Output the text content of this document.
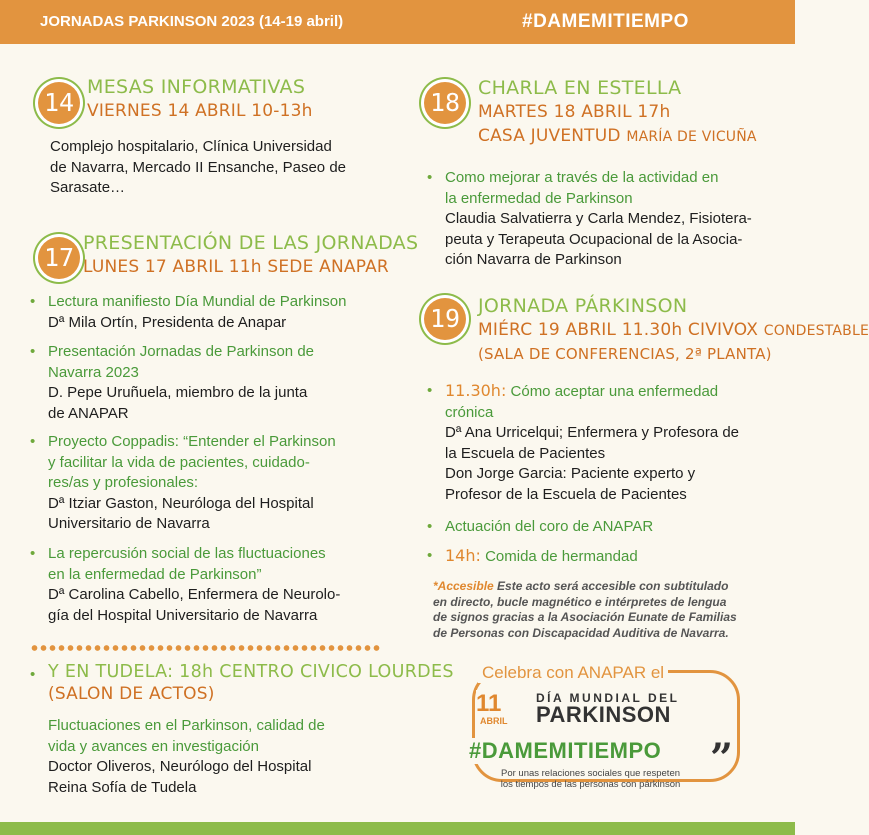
JORNADAS PARKINSON 2023 (14-19 abril)	#DAMEMITIEMPO
14
MESAS INFORMATIVAS
VIERNES 14 ABRIL 10-13h
Complejo hospitalario, Clínica Universidad
de Navarra, Mercado II Ensanche, Paseo de
Sarasate…
17 PRESENTACIÓN DE LAS JORNADAS
LUNES 17 ABRIL 11h SEDE ANAPAR
• Lectura manifiesto Día Mundial de Parkinson
Dª Mila Ortín, Presidenta de Anapar
• Presentación Jornadas de Parkinson de
Navarra 2023
D. Pepe Uruñuela, miembro de la junta
de ANAPAR
• Proyecto Coppadis: “Entender el Parkinson
y facilitar la vida de pacientes, cuidado-
res/as y profesionales:
Dª Itziar Gaston, Neuróloga del Hospital
Universitario de Navarra
• La repercusión social de las fluctuaciones
en la enfermedad de Parkinson”
Dª Carolina Cabello, Enfermera de Neurolo-
gía del Hospital Universitario de Navarra
• Y EN TUDELA: 18h CENTRO CIVICO LOURDES
(SALON DE ACTOS)
Fluctuaciones en el Parkinson, calidad de
vida y avances en investigación
Doctor Oliveros, Neurólogo del Hospital
Reina Sofía de Tudela
18 CHARLA EN ESTELLA
MARTES 18 ABRIL 17h
CASA JUVENTUD MARÍA DE VICUÑA
• Como mejorar a través de la actividad en
la enfermedad de Parkinson
Claudia Salvatierra y Carla Mendez, Fisiotera-
peuta y Terapeuta Ocupacional de la Asocia-
ción Navarra de Parkinson
19 JORNADA PÁRKINSON
MIÉRC 19 ABRIL 11.30h CIVIVOX CONDESTABLE
(SALA DE CONFERENCIAS, 2ª PLANTA)
• 11.30h: Cómo aceptar una enfermedad
crónica
Dª Ana Urricelqui; Enfermera y Profesora de
la Escuela de Pacientes
Don Jorge Garcia: Paciente experto y
Profesor de la Escuela de Pacientes
• Actuación del coro de ANAPAR
• 14h: Comida de hermandad
*Accesible Este acto será accesible con subtitulado
en directo, bucle magnético e intérpretes de lengua
de signos gracias a la Asociación Eunate de Familias
de Personas con Discapacidad Auditiva de Navarra.
Celebra con ANAPAR el
11
ABRIL
DÍA MUNDIAL DEL
PARKINSON
#DAMEMITIEMPO ”
Por unas relaciones sociales que respeten
los tiempos de las personas con párkinson
